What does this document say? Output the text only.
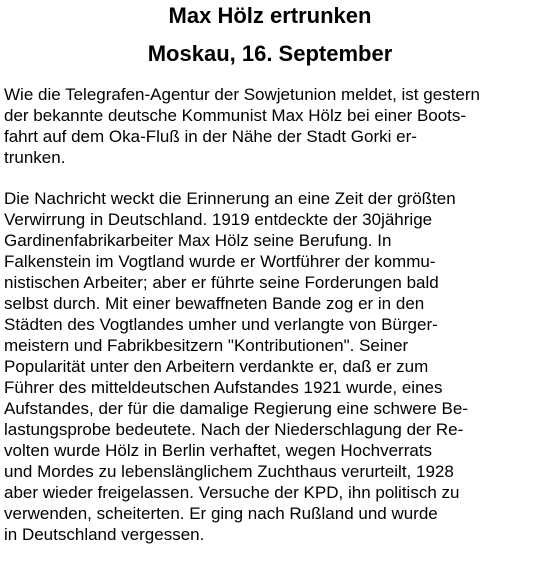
Max Hölz ertrunken
Moskau, 16. September

Wie die Telegrafen-Agentur der Sowjetunion meldet, ist gestern
der bekannte deutsche Kommunist Max Hölz bei einer Boots-
fahrt auf dem Oka-Fluß in der Nähe der Stadt Gorki er-
trunken.

Die Nachricht weckt die Erinnerung an eine Zeit der größten
Verwirrung in Deutschland. 1919 entdeckte der 30jährige
Gardinenfabrikarbeiter Max Hölz seine Berufung. In
Falkenstein im Vogtland wurde er Wortführer der kommu-
nistischen Arbeiter; aber er führte seine Forderungen bald
selbst durch. Mit einer bewaffneten Bande zog er in den
Städten des Vogtlandes umher und verlangte von Bürger-
meistern und Fabrikbesitzern "Kontributionen". Seiner
Popularität unter den Arbeitern verdankte er, daß er zum
Führer des mitteldeutschen Aufstandes 1921 wurde, eines
Aufstandes, der für die damalige Regierung eine schwere Be-
lastungsprobe bedeutete. Nach der Niederschlagung der Re-
volten wurde Hölz in Berlin verhaftet, wegen Hochverrats
und Mordes zu lebenslänglichem Zuchthaus verurteilt, 1928
aber wieder freigelassen. Versuche der KPD, ihn politisch zu
verwenden, scheiterten. Er ging nach Rußland und wurde
in Deutschland vergessen.
